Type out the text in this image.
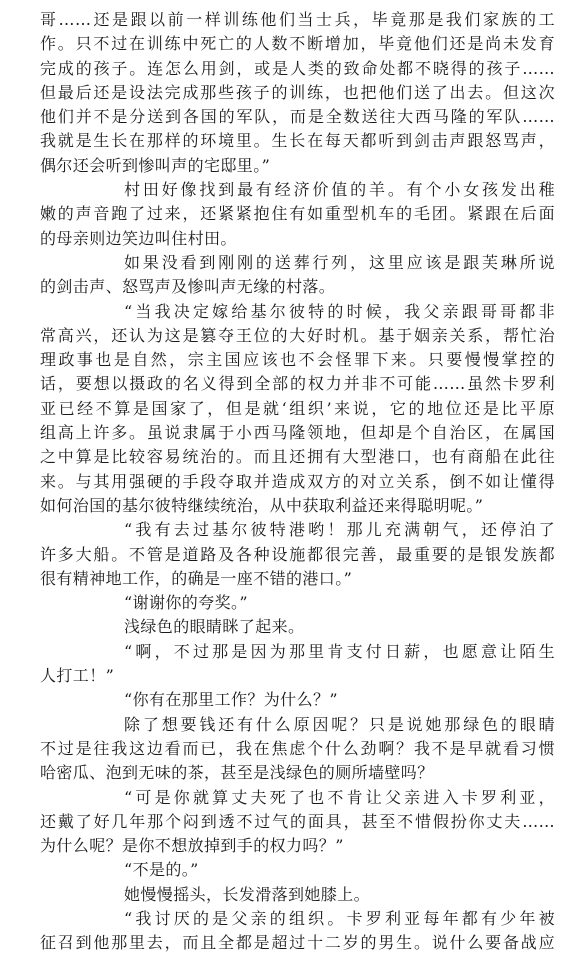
哥……还是跟以前一样训练他们当士兵，毕竟那是我们家族的工
作。只不过在训练中死亡的人数不断增加，毕竟他们还是尚未发育
完成的孩子。连怎么用剑，或是人类的致命处都不晓得的孩子……
但最后还是设法完成那些孩子的训练，也把他们送了出去。但这次
他们并不是分送到各国的军队，而是全数送往大西马隆的军队……
我就是生长在那样的环境里。生长在每天都听到剑击声跟怒骂声，
偶尔还会听到惨叫声的宅邸里。”
村田好像找到最有经济价值的羊。有个小女孩发出稚
嫩的声音跑了过来，还紧紧抱住有如重型机车的毛团。紧跟在后面
的母亲则边笑边叫住村田。
如果没看到刚刚的送葬行列，这里应该是跟芙琳所说
的剑击声、怒骂声及惨叫声无缘的村落。
“当我决定嫁给基尔彼特的时候，我父亲跟哥哥都非
常高兴，还认为这是篡夺王位的大好时机。基于姻亲关系，帮忙治
理政事也是自然，宗主国应该也不会怪罪下来。只要慢慢掌控的
话，要想以摄政的名义得到全部的权力并非不可能……虽然卡罗利
亚已经不算是国家了，但是就‘组织’来说，它的地位还是比平原
组高上许多。虽说隶属于小西马隆领地，但却是个自治区，在属国
之中算是比较容易统治的。而且还拥有大型港口，也有商船在此往
来。与其用强硬的手段夺取并造成双方的对立关系，倒不如让懂得
如何治国的基尔彼特继续统治，从中获取利益还来得聪明呢。”
“我有去过基尔彼特港哟！那儿充满朝气，还停泊了
许多大船。不管是道路及各种设施都很完善，最重要的是银发族都
很有精神地工作，的确是一座不错的港口。”
“谢谢你的夸奖。”
浅绿色的眼睛眯了起来。
“啊，不过那是因为那里肯支付日薪，也愿意让陌生
人打工！”
“你有在那里工作？为什么？”
除了想要钱还有什么原因呢？只是说她那绿色的眼睛
不过是往我这边看而已，我在焦虑个什么劲啊？我不是早就看习惯
哈密瓜、泡到无味的茶，甚至是浅绿色的厕所墙壁吗？
“可是你就算丈夫死了也不肯让父亲进入卡罗利亚，
还戴了好几年那个闷到透不过气的面具，甚至不惜假扮你丈夫……
为什么呢？是你不想放掉到手的权力吗？”
“不是的。”
她慢慢摇头，长发滑落到她膝上。
“我讨厌的是父亲的组织。卡罗利亚每年都有少年被
征召到他那里去，而且全都是超过十二岁的男生。说什么要备战应
